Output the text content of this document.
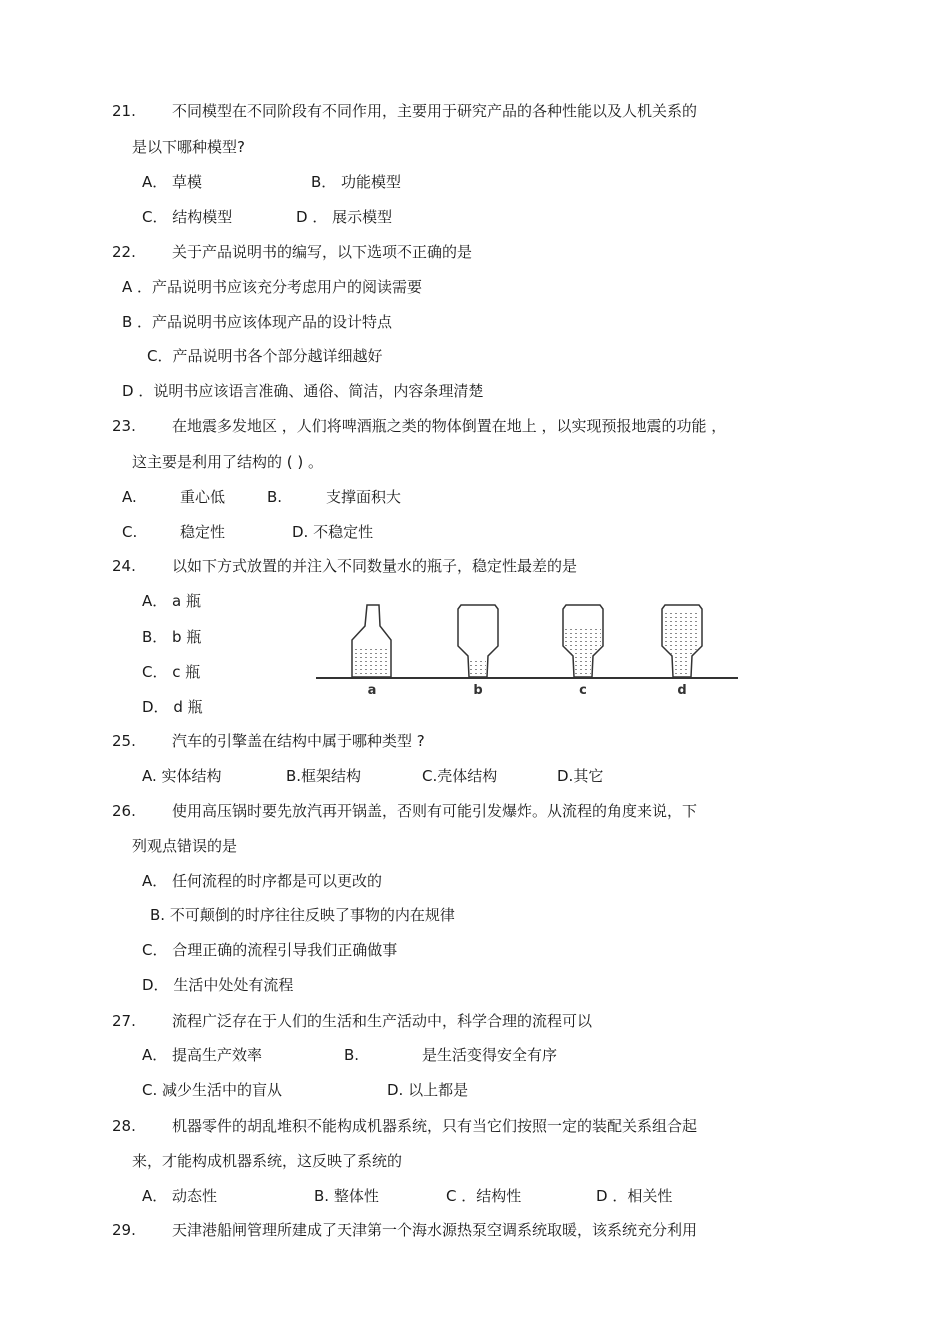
21. 不同模型在不同阶段有不同作用，主要用于研究产品的各种性能以及人机关系的
是以下哪种模型?
A． 草模	B． 功能模型
C． 结构模型	D ． 展示模型
22. 关于产品说明书的编写，以下选项不正确的是
A ．产品说明书应该充分考虑用户的阅读需要
B ．产品说明书应该体现产品的设计特点
C．产品说明书各个部分越详细越好
D ．说明书应该语言准确、通俗、简洁，内容条理清楚
23. 在地震多发地区 ，人们将啤酒瓶之类的物体倒置在地上 ，以实现预报地震的功能 ，
这主要是利用了结构的 ( ) 。
A.	重心低	B.	支撑面积大
C.	稳定性	D. 不稳定性
24. 以如下方式放置的并注入不同数量水的瓶子，稳定性最差的是
A． a 瓶
B． b 瓶
C． c 瓶
D． d 瓶
a	b	c	d
25. 汽车的引擎盖在结构中属于哪种类型 ?
A. 实体结构	B.框架结构	C.壳体结构	D.其它
26. 使用高压锅时要先放汽再开锅盖，否则有可能引发爆炸。从流程的角度来说，下
列观点错误的是
A． 任何流程的时序都是可以更改的
B. 不可颠倒的时序往往反映了事物的内在规律
C． 合理正确的流程引导我们正确做事
D． 生活中处处有流程
27. 流程广泛存在于人们的生活和生产活动中，科学合理的流程可以
A． 提高生产效率	B.	是生活变得安全有序
C. 减少生活中的盲从	D. 以上都是
28. 机器零件的胡乱堆积不能构成机器系统，只有当它们按照一定的装配关系组合起
来，才能构成机器系统，这反映了系统的
A． 动态性	B. 整体性	C ．结构性	D ．相关性
29. 天津港船闸管理所建成了天津第一个海水源热泵空调系统取暖，该系统充分利用
